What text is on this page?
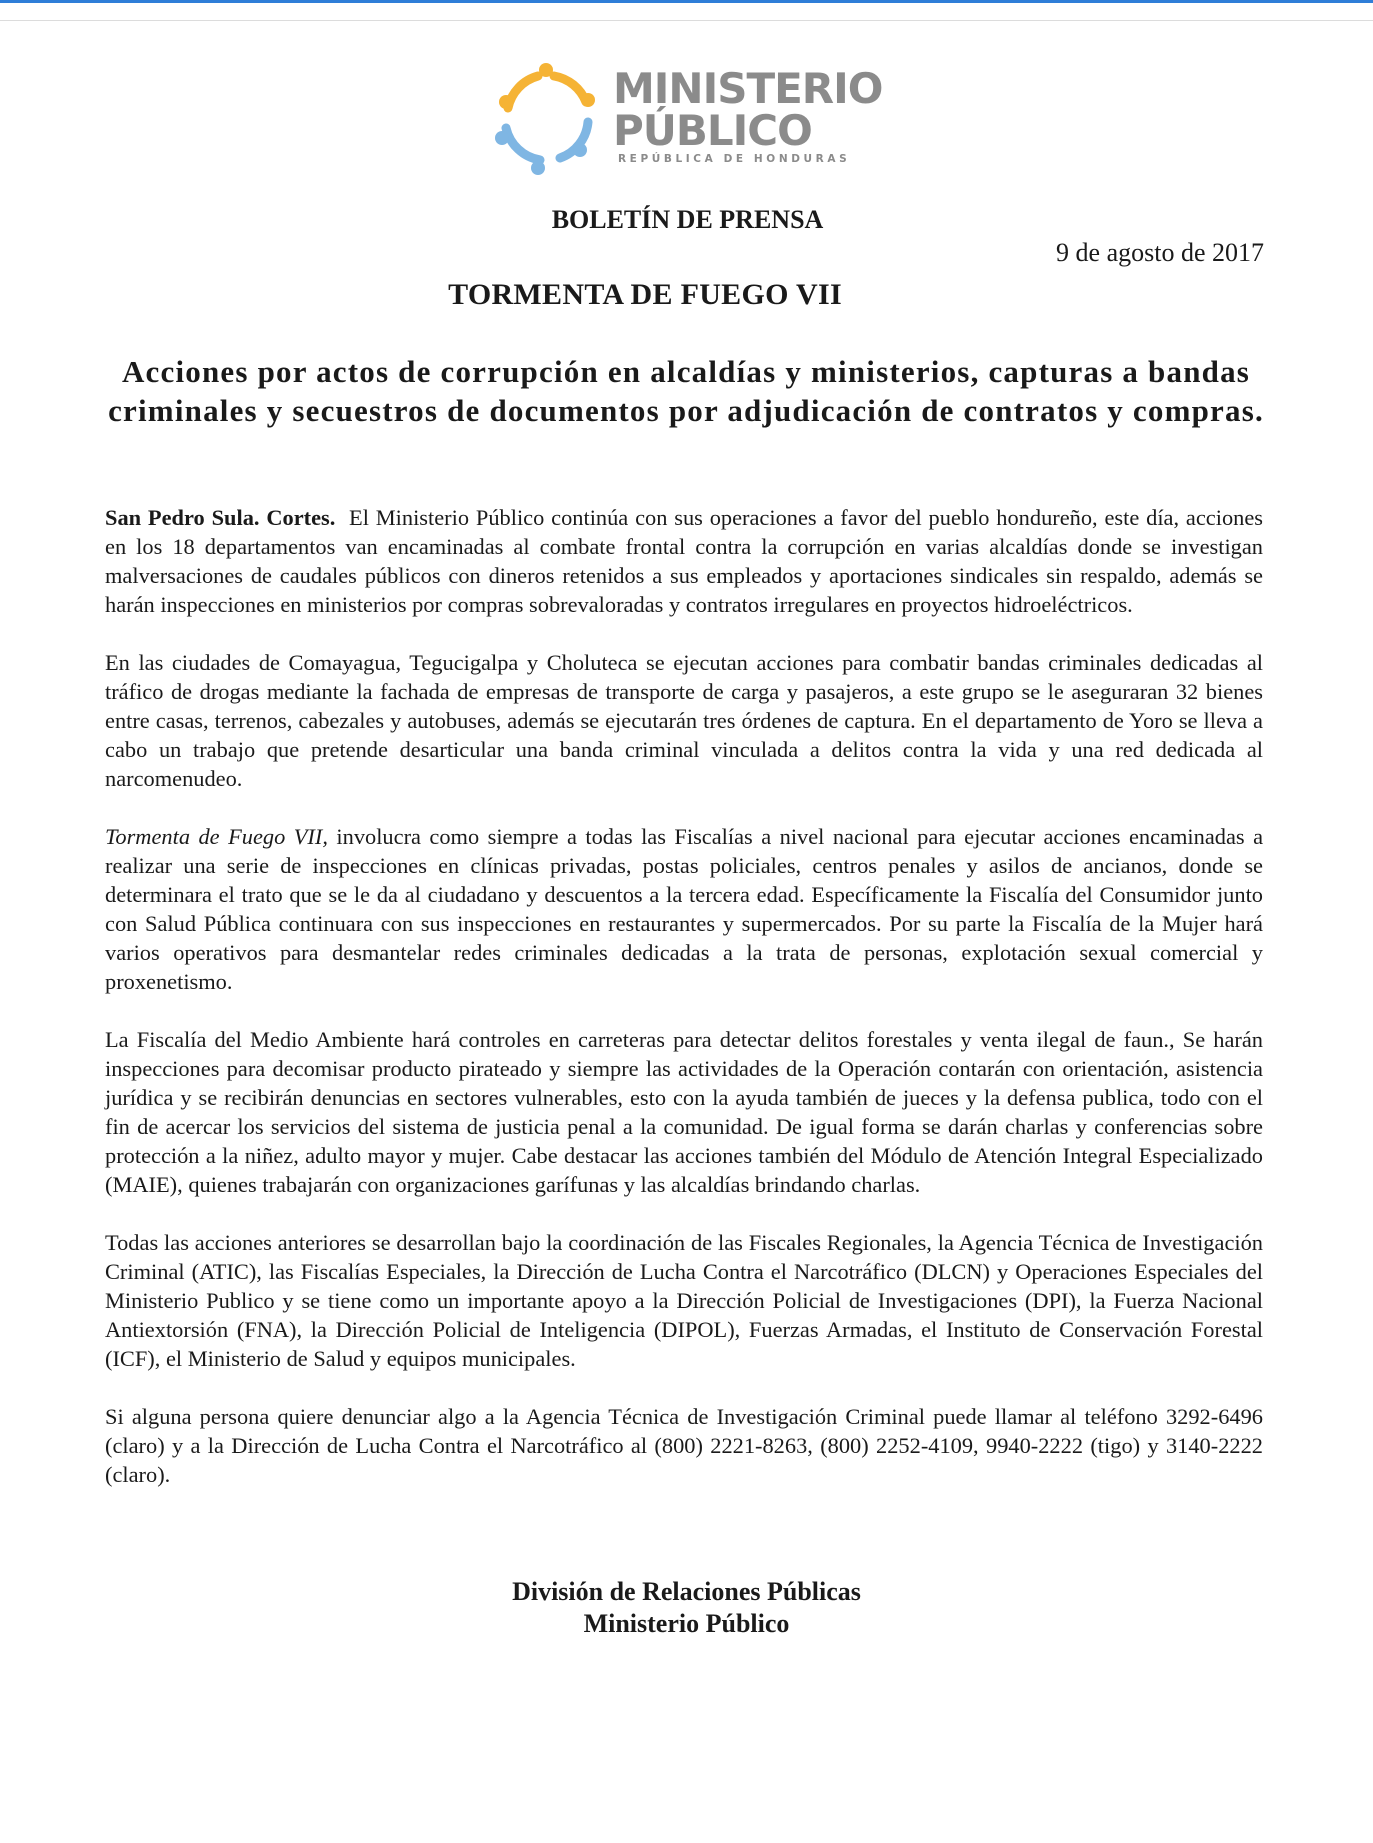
MINISTERIO
PÚBLICO
REPÚBLICA DE HONDURAS
BOLETÍN DE PRENSA
9 de agosto de 2017
TORMENTA DE FUEGO VII
Acciones por actos de corrupción en alcaldías y ministerios, capturas a bandas criminales y secuestros de documentos por adjudicación de contratos y compras.

San Pedro Sula. Cortes. El Ministerio Público continúa con sus operaciones a favor del pueblo hondureño, este día, acciones en los 18 departamentos van encaminadas al combate frontal contra la corrupción en varias alcaldías donde se investigan malversaciones de caudales públicos con dineros retenidos a sus empleados y aportaciones sindicales sin respaldo, además se harán inspecciones en ministerios por compras sobrevaloradas y contratos irregulares en proyectos hidroeléctricos.

En las ciudades de Comayagua, Tegucigalpa y Choluteca se ejecutan acciones para combatir bandas criminales dedicadas al tráfico de drogas mediante la fachada de empresas de transporte de carga y pasajeros, a este grupo se le aseguraran 32 bienes entre casas, terrenos, cabezales y autobuses, además se ejecutarán tres órdenes de captura. En el departamento de Yoro se lleva a cabo un trabajo que pretende desarticular una banda criminal vinculada a delitos contra la vida y una red dedicada al narcomenudeo.

Tormenta de Fuego VII, involucra como siempre a todas las Fiscalías a nivel nacional para ejecutar acciones encaminadas a realizar una serie de inspecciones en clínicas privadas, postas policiales, centros penales y asilos de ancianos, donde se determinara el trato que se le da al ciudadano y descuentos a la tercera edad. Específicamente la Fiscalía del Consumidor junto con Salud Pública continuara con sus inspecciones en restaurantes y supermercados. Por su parte la Fiscalía de la Mujer hará varios operativos para desmantelar redes criminales dedicadas a la trata de personas, explotación sexual comercial y proxenetismo.

La Fiscalía del Medio Ambiente hará controles en carreteras para detectar delitos forestales y venta ilegal de faun., Se harán inspecciones para decomisar producto pirateado y siempre las actividades de la Operación contarán con orientación, asistencia jurídica y se recibirán denuncias en sectores vulnerables, esto con la ayuda también de jueces y la defensa publica, todo con el fin de acercar los servicios del sistema de justicia penal a la comunidad. De igual forma se darán charlas y conferencias sobre protección a la niñez, adulto mayor y mujer. Cabe destacar las acciones también del Módulo de Atención Integral Especializado (MAIE), quienes trabajarán con organizaciones garífunas y las alcaldías brindando charlas.

Todas las acciones anteriores se desarrollan bajo la coordinación de las Fiscales Regionales, la Agencia Técnica de Investigación Criminal (ATIC), las Fiscalías Especiales, la Dirección de Lucha Contra el Narcotráfico (DLCN) y Operaciones Especiales del Ministerio Publico y se tiene como un importante apoyo a la Dirección Policial de Investigaciones (DPI), la Fuerza Nacional Antiextorsión (FNA), la Dirección Policial de Inteligencia (DIPOL), Fuerzas Armadas, el Instituto de Conservación Forestal (ICF), el Ministerio de Salud y equipos municipales.

Si alguna persona quiere denunciar algo a la Agencia Técnica de Investigación Criminal puede llamar al teléfono 3292-6496 (claro) y a la Dirección de Lucha Contra el Narcotráfico al (800) 2221-8263, (800) 2252-4109, 9940-2222 (tigo) y 3140-2222 (claro).

División de Relaciones Públicas
Ministerio Público
